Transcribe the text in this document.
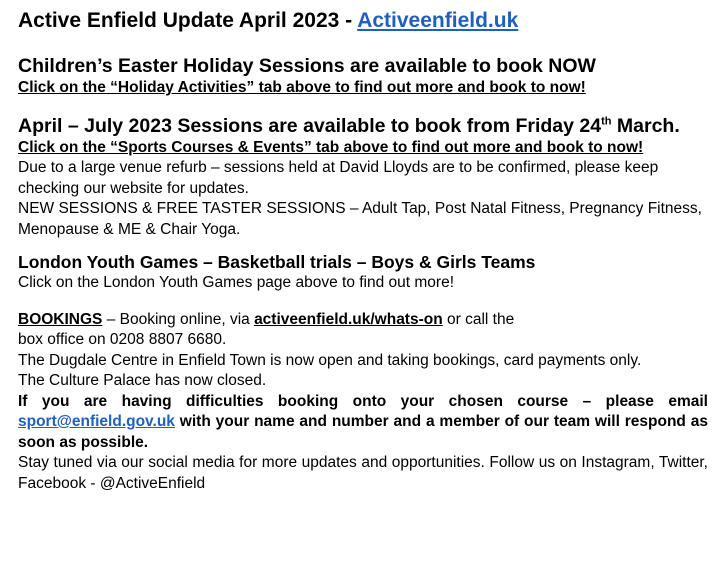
Active Enfield Update April 2023 - Activeenfield.uk
Children’s Easter Holiday Sessions are available to book NOW
Click on the “Holiday Activities” tab above to find out more and book to now!
April – July 2023 Sessions are available to book from Friday 24th March.
Click on the “Sports Courses & Events” tab above to find out more and book to now!
Due to a large venue refurb – sessions held at David Lloyds are to be confirmed, please keep checking our website for updates.
NEW SESSIONS & FREE TASTER SESSIONS – Adult Tap, Post Natal Fitness, Pregnancy Fitness, Menopause & ME & Chair Yoga.
London Youth Games – Basketball trials – Boys & Girls Teams
Click on the London Youth Games page above to find out more!
BOOKINGS – Booking online, via activeenfield.uk/whats-on or call the
box office on 0208 8807 6680.
The Dugdale Centre in Enfield Town is now open and taking bookings, card payments only.
The Culture Palace has now closed.
If you are having difficulties booking onto your chosen course – please email sport@enfield.gov.uk with your name and number and a member of our team will respond as soon as possible.
Stay tuned via our social media for more updates and opportunities. Follow us on Instagram, Twitter, Facebook - @ActiveEnfield
